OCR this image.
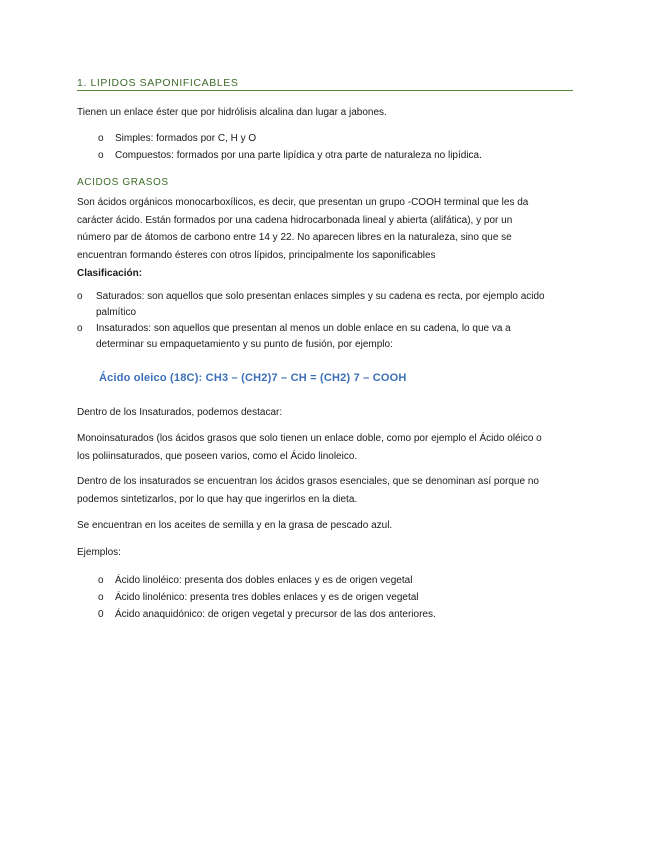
1. LIPIDOS SAPONIFICABLES
Tienen un enlace éster que por hidrólisis alcalina dan lugar a jabones.
o Simples: formados por C, H y O
o Compuestos: formados por una parte lipídica y otra parte de naturaleza no lipídica.
ACIDOS GRASOS
Son ácidos orgánicos monocarboxílicos, es decir, que presentan un grupo -COOH terminal que les da
carácter ácido. Están formados por una cadena hidrocarbonada lineal y abierta (alifática), y por un
número par de átomos de carbono entre 14 y 22. No aparecen libres en la naturaleza, sino que se
encuentran formando ésteres con otros lípidos, principalmente los saponificables
Clasificación:
o Saturados: son aquellos que solo presentan enlaces simples y su cadena es recta, por ejemplo acido
palmítico
o Insaturados: son aquellos que presentan al menos un doble enlace en su cadena, lo que va a
determinar su empaquetamiento y su punto de fusión, por ejemplo:
Ácido oleico (18C): CH3 – (CH2)7 – CH = (CH2) 7 – COOH
Dentro de los Insaturados, podemos destacar:
Monoinsaturados (los ácidos grasos que solo tienen un enlace doble, como por ejemplo el Ácido oléico o
los poliinsaturados, que poseen varios, como el Ácido linoleico.
Dentro de los insaturados se encuentran los ácidos grasos esenciales, que se denominan así porque no
podemos sintetizarlos, por lo que hay que ingerirlos en la dieta.
Se encuentran en los aceites de semilla y en la grasa de pescado azul.
Ejemplos:
o Ácido linoléico: presenta dos dobles enlaces y es de origen vegetal
o Ácido linolénico: presenta tres dobles enlaces y es de origen vegetal
0 Ácido anaquidónico: de origen vegetal y precursor de las dos anteriores.
